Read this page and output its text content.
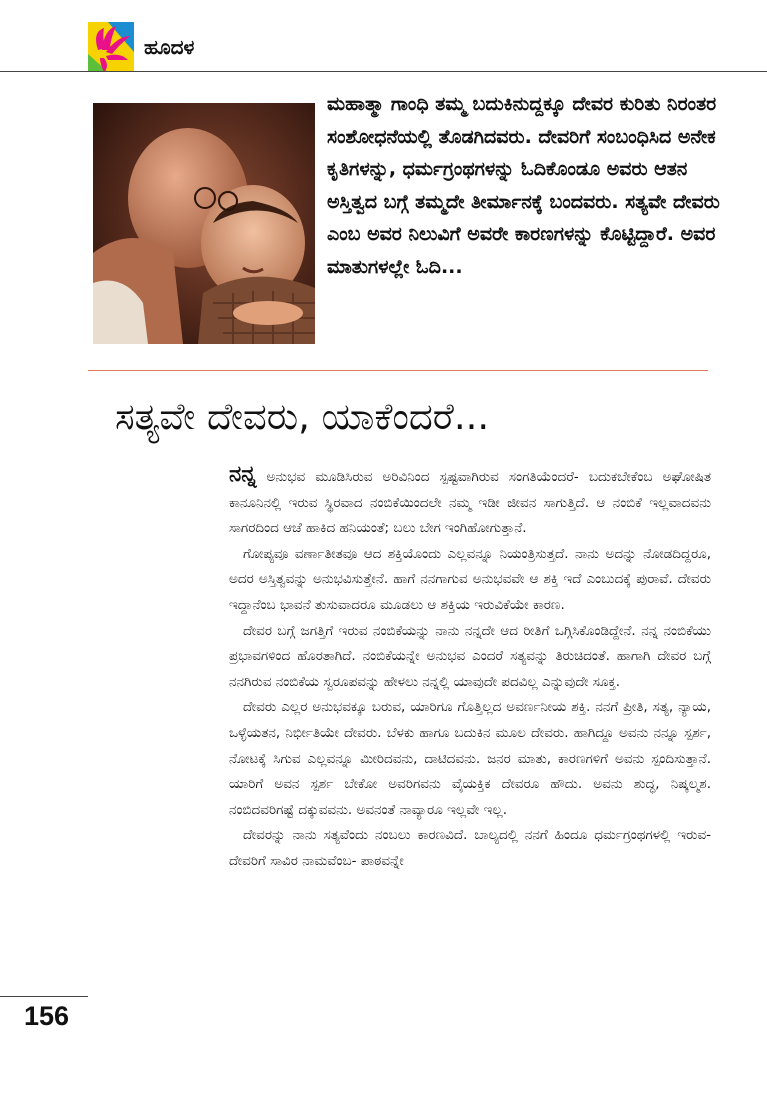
ಹೂದಳ
ಮಹಾತ್ಮಾ ಗಾಂಧಿ ತಮ್ಮ ಬದುಕಿನುದ್ದಕ್ಕೂ ದೇವರ ಕುರಿತು ನಿರಂತರ ಸಂಶೋಧನೆಯಲ್ಲಿ ತೊಡಗಿದವರು. ದೇವರಿಗೆ ಸಂಬಂಧಿಸಿದ ಅನೇಕ ಕೃತಿಗಳನ್ನು, ಧರ್ಮಗ್ರಂಥಗಳನ್ನು ಓದಿಕೊಂಡೂ ಅವರು ಆತನ ಅಸ್ತಿತ್ವದ ಬಗ್ಗೆ ತಮ್ಮದೇ ತೀರ್ಮಾನಕ್ಕೆ ಬಂದವರು. ಸತ್ಯವೇ ದೇವರು ಎಂಬ ಅವರ ನಿಲುವಿಗೆ ಅವರೇ ಕಾರಣಗಳನ್ನು ಕೊಟ್ಟಿದ್ದಾರೆ. ಅವರ ಮಾತುಗಳಲ್ಲೇ ಓದಿ...
ಸತ್ಯವೇ ದೇವರು, ಯಾಕೆಂದರೆ...

ನನ್ನ ಅನುಭವ ಮೂಡಿಸಿರುವ ಅರಿವಿನಿಂದ ಸ್ಪಷ್ಟವಾಗಿರುವ ಸಂಗತಿಯೆಂದರೆ- ಬದುಕಬೇಕೆಂಬ ಅಘೋಷಿತ ಕಾನೂನಿನಲ್ಲಿ ಇರುವ ಸ್ಥಿರವಾದ ನಂಬಿಕೆಯಿಂದಲೇ ನಮ್ಮ ಇಡೀ ಜೀವನ ಸಾಗುತ್ತಿದೆ. ಆ ನಂಬಿಕೆ ಇಲ್ಲವಾದವನು ಸಾಗರದಿಂದ ಆಚೆ ಹಾಕಿದ ಹನಿಯಂತೆ; ಬಲು ಬೇಗ ಇಂಗಿಹೋಗುತ್ತಾನೆ.

ಗೋಪ್ಯವೂ ವರ್ಣಾತೀತವೂ ಆದ ಶಕ್ತಿಯೊಂದು ಎಲ್ಲವನ್ನೂ ನಿಯಂತ್ರಿಸುತ್ತದೆ. ನಾನು ಅದನ್ನು ನೋಡದಿದ್ದರೂ, ಅದರ ಅಸ್ತಿತ್ವವನ್ನು ಅನುಭವಿಸುತ್ತೇನೆ. ಹಾಗೆ ನನಗಾಗುವ ಅನುಭವವೇ ಆ ಶಕ್ತಿ ಇದೆ ಎಂಬುದಕ್ಕೆ ಪುರಾವೆ. ದೇವರು ಇದ್ದಾನೆಂಬ ಭಾವನೆ ತುಸುವಾದರೂ ಮೂಡಲು ಆ ಶಕ್ತಿಯ ಇರುವಿಕೆಯೇ ಕಾರಣ.

ದೇವರ ಬಗ್ಗೆ ಜಗತ್ತಿಗೆ ಇರುವ ನಂಬಿಕೆಯನ್ನು ನಾನು ನನ್ನದೇ ಆದ ರೀತಿಗೆ ಒಗ್ಗಿಸಿಕೊಂಡಿದ್ದೇನೆ. ನನ್ನ ನಂಬಿಕೆಯು ಪ್ರಭಾವಗಳಿಂದ ಹೊರತಾಗಿದೆ. ನಂಬಿಕೆಯನ್ನೇ ಅನುಭವ ಎಂದರೆ ಸತ್ಯವನ್ನು ತಿರುಚಿದಂತೆ. ಹಾಗಾಗಿ ದೇವರ ಬಗ್ಗೆ ನನಗಿರುವ ನಂಬಿಕೆಯ ಸ್ವರೂಪವನ್ನು ಹೇಳಲು ನನ್ನಲ್ಲಿ ಯಾವುದೇ ಪದವಿಲ್ಲ ಎನ್ನುವುದೇ ಸೂಕ್ತ.

ದೇವರು ಎಲ್ಲರ ಅನುಭವಕ್ಕೂ ಬರುವ, ಯಾರಿಗೂ ಗೊತ್ತಿಲ್ಲದ ಅವರ್ಣನೀಯ ಶಕ್ತಿ. ನನಗೆ ಪ್ರೀತಿ, ಸತ್ಯ, ನ್ಯಾಯ, ಒಳ್ಳೆಯತನ, ನಿರ್ಭೀತಿಯೇ ದೇವರು. ಬೆಳಕು ಹಾಗೂ ಬದುಕಿನ ಮೂಲ ದೇವರು. ಹಾಗಿದ್ದೂ ಅವನು ನನ್ನೂ ಸ್ಪರ್ಶ, ನೋಟಕ್ಕೆ ಸಿಗುವ ಎಲ್ಲವನ್ನೂ ಮೀರಿದವನು, ದಾಟಿದವನು. ಜನರ ಮಾತು, ಕಾರಣಗಳಿಗೆ ಅವನು ಸ್ಪಂದಿಸುತ್ತಾನೆ. ಯಾರಿಗೆ ಅವನ ಸ್ಪರ್ಶ ಬೇಕೋ ಅವರಿಗವನು ವೈಯಕ್ತಿಕ ದೇವರೂ ಹೌದು. ಅವನು ಶುದ್ಧ, ನಿಷ್ಕಲ್ಮಶ. ನಂಬಿದವರಿಗಷ್ಟೆ ದಕ್ಕುವವನು. ಅವನಂತೆ ನಾವ್ಯಾರೂ ಇಲ್ಲವೇ ಇಲ್ಲ.

ದೇವರನ್ನು ನಾನು ಸತ್ಯವೆಂದು ನಂಬಲು ಕಾರಣವಿದೆ. ಬಾಲ್ಯದಲ್ಲಿ ನನಗೆ ಹಿಂದೂ ಧರ್ಮಗ್ರಂಥಗಳಲ್ಲಿ ಇರುವ- ದೇವರಿಗೆ ಸಾವಿರ ನಾಮವೆಂಬ- ಪಾಠವನ್ನೇ

156
